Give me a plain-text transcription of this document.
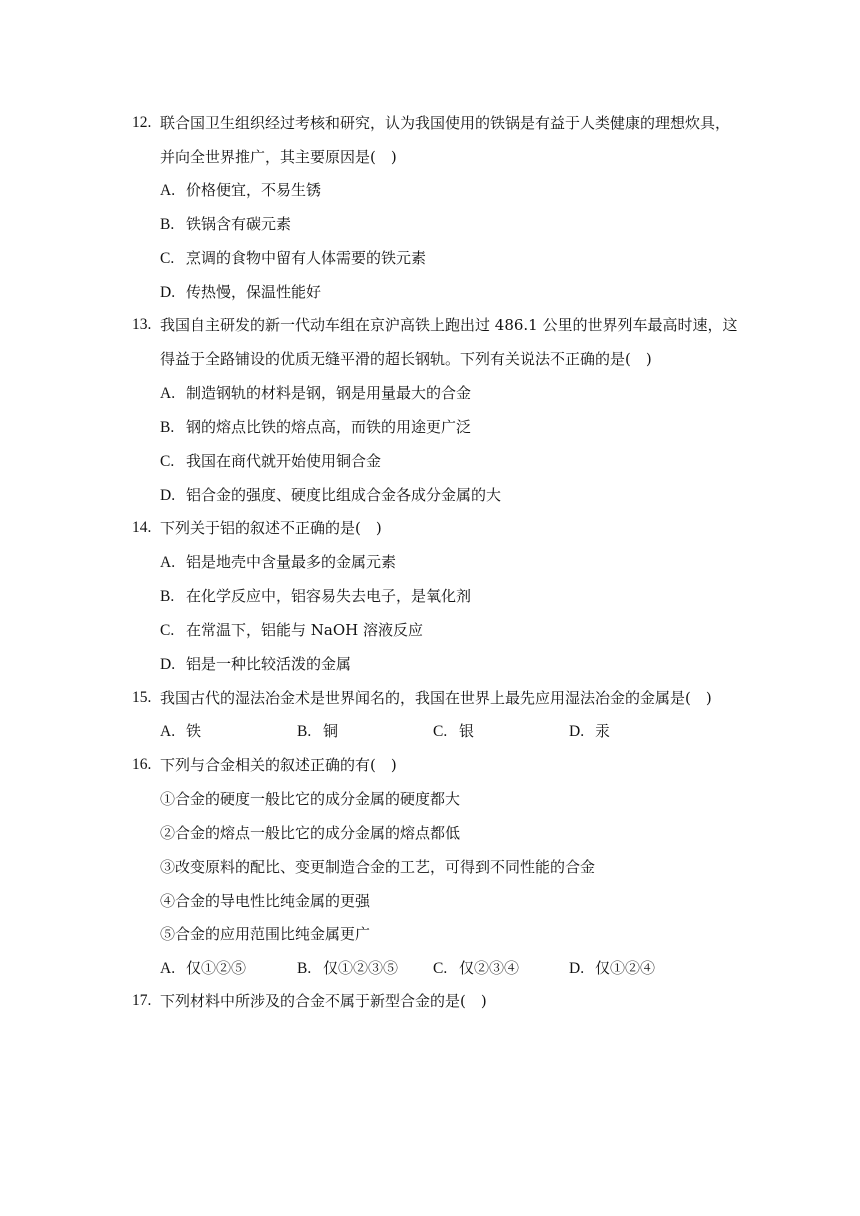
12. 联合国卫生组织经过考核和研究，认为我国使用的铁锅是有益于人类健康的理想炊具，
并向全世界推广，其主要原因是(　)
A. 价格便宜，不易生锈
B. 铁锅含有碳元素
C. 烹调的食物中留有人体需要的铁元素
D. 传热慢，保温性能好
13. 我国自主研发的新一代动车组在京沪高铁上跑出过 486.1 公里的世界列车最高时速，这
得益于全路铺设的优质无缝平滑的超长钢轨。下列有关说法不正确的是(　)
A. 制造钢轨的材料是钢，钢是用量最大的合金
B. 钢的熔点比铁的熔点高，而铁的用途更广泛
C. 我国在商代就开始使用铜合金
D. 铝合金的强度、硬度比组成合金各成分金属的大
14. 下列关于铝的叙述不正确的是(　)
A. 铝是地壳中含量最多的金属元素
B. 在化学反应中，铝容易失去电子，是氧化剂
C. 在常温下，铝能与 NaOH 溶液反应
D. 铝是一种比较活泼的金属
15. 我国古代的湿法冶金术是世界闻名的，我国在世界上最先应用湿法冶金的金属是(　)
A. 铁	B. 铜	C. 银	D. 汞
16. 下列与合金相关的叙述正确的有(　)
①合金的硬度一般比它的成分金属的硬度都大
②合金的熔点一般比它的成分金属的熔点都低
③改变原料的配比、变更制造合金的工艺，可得到不同性能的合金
④合金的导电性比纯金属的更强
⑤合金的应用范围比纯金属更广
A. 仅①②⑤	B. 仅①②③⑤ C. 仅②③④	D. 仅①②④
17. 下列材料中所涉及的合金不属于新型合金的是(　)
